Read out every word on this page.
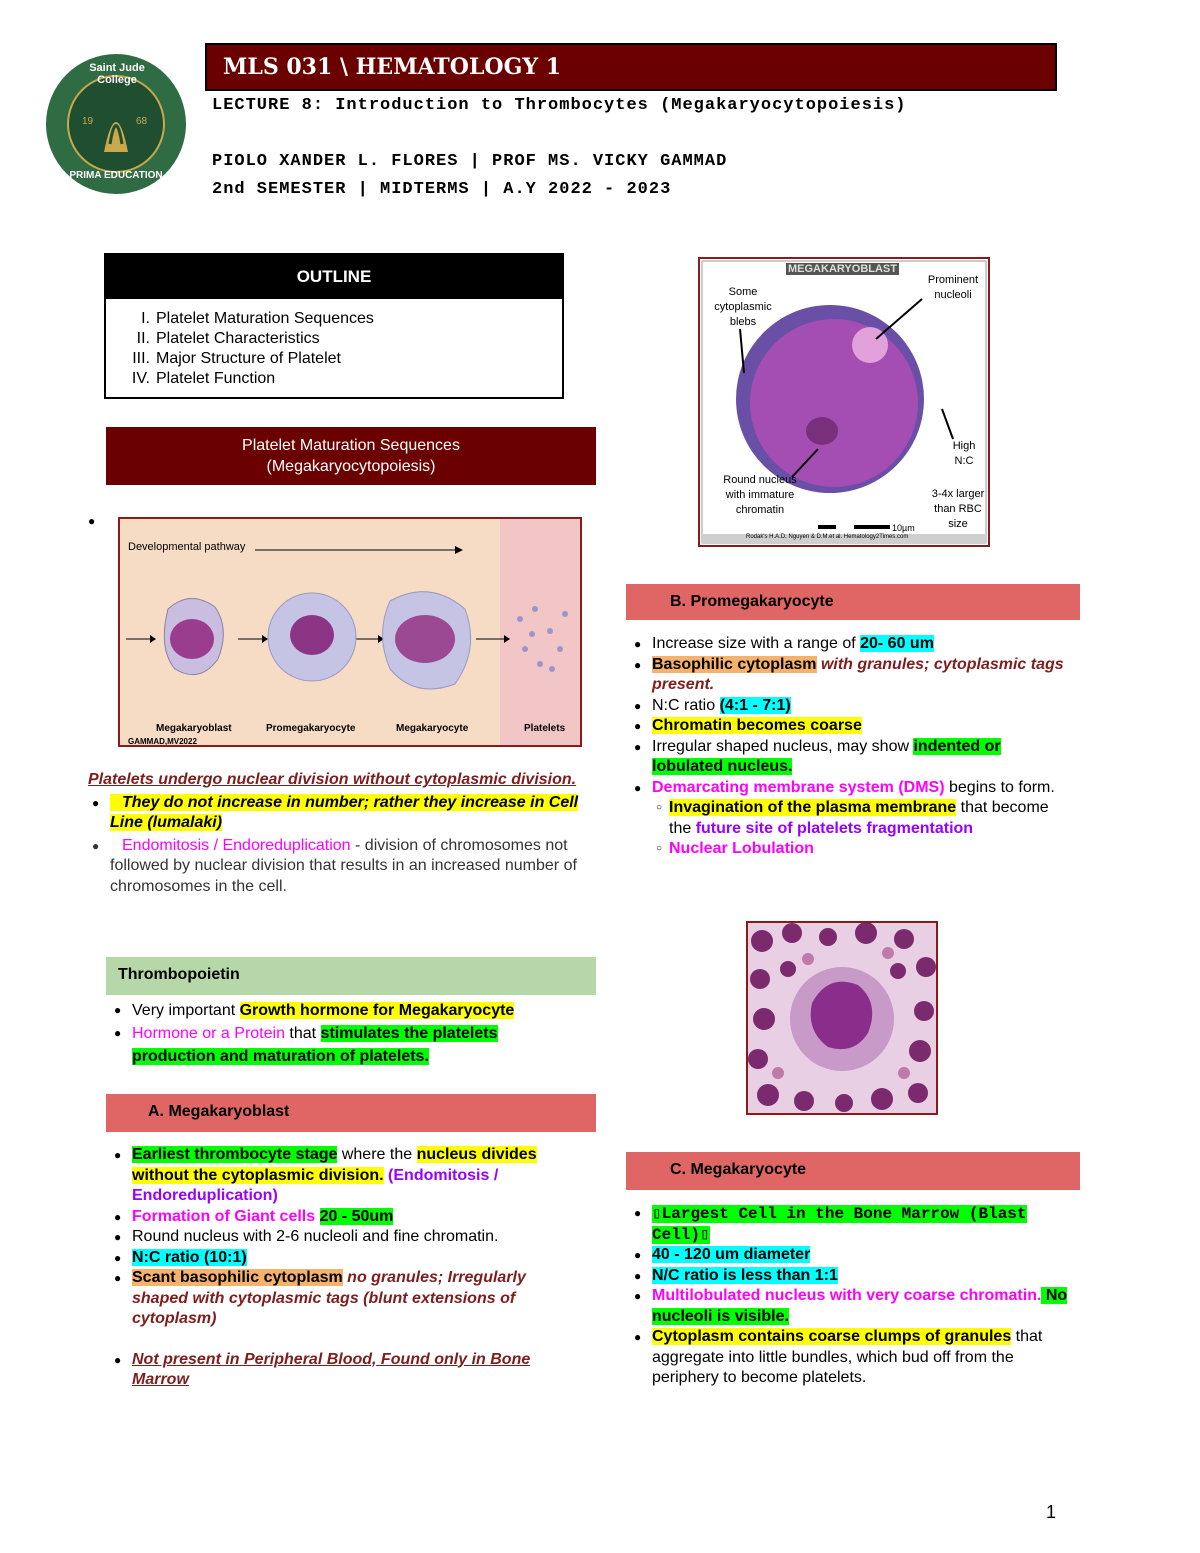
19	68
Saint Jude College
PRIMA EDUCATION
MLS 031 \ HEMATOLOGY 1
LECTURE 8: Introduction to Thrombocytes (Megakaryocytopoiesis)
PIOLO XANDER L. FLORES | PROF MS. VICKY GAMMAD
2nd SEMESTER | MIDTERMS | A.Y 2022 - 2023
OUTLINE
I. Platelet Maturation Sequences
II. Platelet Characteristics
III. Major Structure of Platelet
IV. Platelet Function
Platelet Maturation Sequences
(Megakaryocytopoiesis)
●
Developmental pathway
Megakaryoblast	Promegakaryocyte	Megakaryocyte	Platelets
GAMMAD,MV2022
Platelets undergo nuclear division without cytoplasmic division.
● They do not increase in number; rather they increase in Cell Line (lumalaki)
● Endomitosis / Endoreduplication - division of chromosomes not followed by nuclear division that results in an increased number of chromosomes in the cell.
Thrombopoietin
● Very important Growth hormone for Megakaryocyte
● Hormone or a Protein that stimulates the platelets production and maturation of platelets.
A. Megakaryoblast
● Earliest thrombocyte stage where the nucleus divides without the cytoplasmic division. (Endomitosis / Endoreduplication)
● Formation of Giant cells 20 - 50um
● Round nucleus with 2-6 nucleoli and fine chromatin.
● N:C ratio (10:1)
● Scant basophilic cytoplasm no granules; Irregularly shaped with cytoplasmic tags (blunt extensions of cytoplasm)
● Not present in Peripheral Blood, Found only in Bone Marrow
MEGAKARYOBLAST
Some cytoplasmic blebs
Prominent nucleoli
High N:C
Round nucleus with immature chromatin
3-4x larger than RBC size
10µm
Rodak's H.A.D. Nguyen & D.M.et al. Hematology2Times.com
B. Promegakaryocyte
● Increase size with a range of 20- 60 um
● Basophilic cytoplasm with granules; cytoplasmic tags present.
● N:C ratio (4:1 - 7:1)
● Chromatin becomes coarse
● Irregular shaped nucleus, may show indented or lobulated nucleus.
● Demarcating membrane system (DMS) begins to form.
○ Invagination of the plasma membrane that become the future site of platelets fragmentation
○ Nuclear Lobulation
C. Megakaryocyte
● ▯Largest Cell in the Bone Marrow (Blast Cell)▯
● 40 - 120 um diameter
● N/C ratio is less than 1:1
● Multilobulated nucleus with very coarse chromatin. No nucleoli is visible.
● Cytoplasm contains coarse clumps of granules that aggregate into little bundles, which bud off from the periphery to become platelets.
1
